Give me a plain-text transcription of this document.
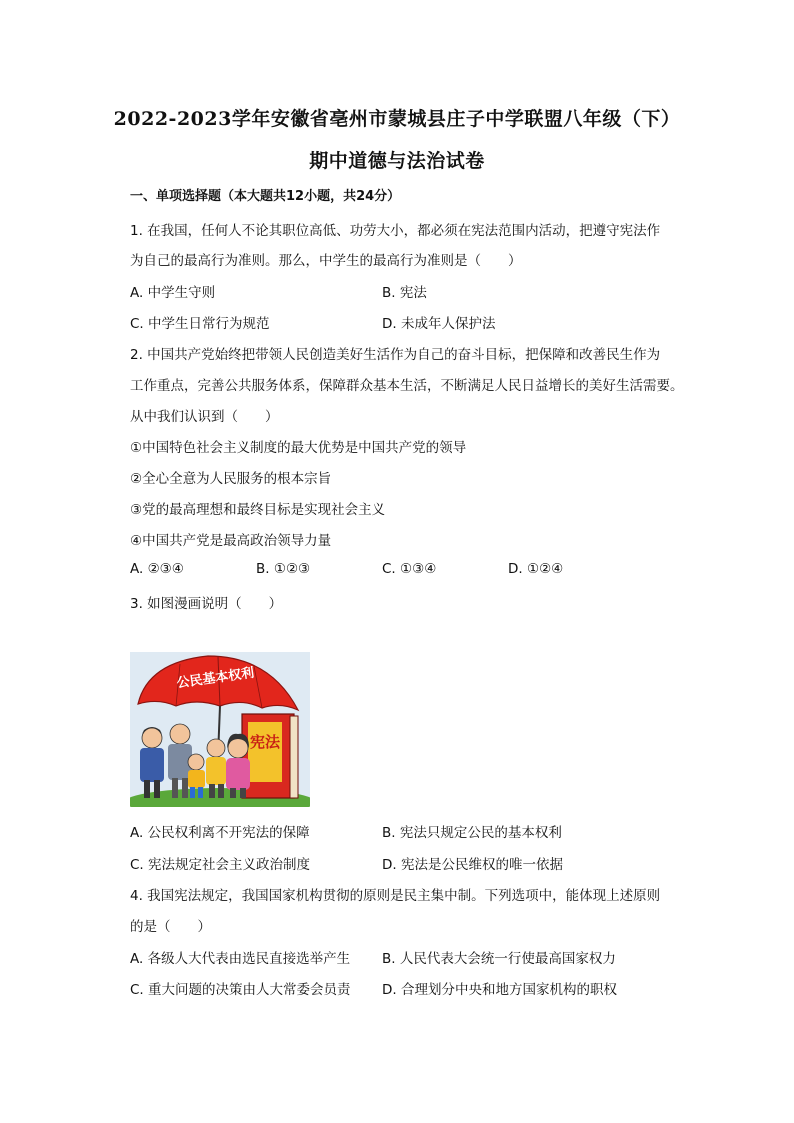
2022-2023学年安徽省亳州市蒙城县庄子中学联盟八年级（下）
期中道德与法治试卷
一、单项选择题（本大题共12小题，共24分）
1. 在我国，任何人不论其职位高低、功劳大小，都必须在宪法范围内活动，把遵守宪法作
为自己的最高行为准则。那么，中学生的最高行为准则是（　　）
A. 中学生守则	B. 宪法
C. 中学生日常行为规范	D. 未成年人保护法
2. 中国共产党始终把带领人民创造美好生活作为自己的奋斗目标，把保障和改善民生作为
工作重点，完善公共服务体系，保障群众基本生活，不断满足人民日益增长的美好生活需要。
从中我们认识到（　　）
①中国特色社会主义制度的最大优势是中国共产党的领导
②全心全意为人民服务的根本宗旨
③党的最高理想和最终目标是实现社会主义
④中国共产党是最高政治领导力量
A. ②③④	B. ①②③	C. ①③④	D. ①②④
3. 如图漫画说明（　　）
公民基本权利
宪法
A. 公民权利离不开宪法的保障	B. 宪法只规定公民的基本权利
C. 宪法规定社会主义政治制度	D. 宪法是公民维权的唯一依据
4. 我国宪法规定，我国国家机构贯彻的原则是民主集中制。下列选项中，能体现上述原则
的是（　　）
A. 各级人大代表由选民直接选举产生 B. 人民代表大会统一行使最高国家权力
C. 重大问题的决策由人大常委会员责 D. 合理划分中央和地方国家机构的职权
